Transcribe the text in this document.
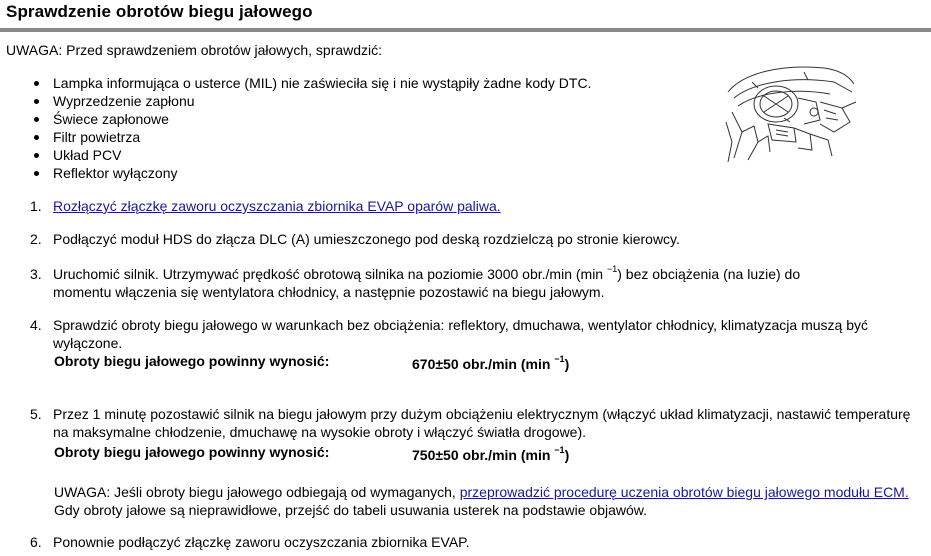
Sprawdzenie obrotów biegu jałowego
UWAGA: Przed sprawdzeniem obrotów jałowych, sprawdzić:
Lampka informująca o usterce (MIL) nie zaświeciła się i nie wystąpiły żadne kody DTC.
Wyprzedzenie zapłonu
Świece zapłonowe
Filtr powietrza
Układ PCV
Reflektor wyłączony
1. Rozłączyć złączkę zaworu oczyszczania zbiornika EVAP oparów paliwa.
2. Podłączyć moduł HDS do złącza DLC (A) umieszczonego pod deską rozdzielczą po stronie kierowcy.
3. Uruchomić silnik. Utrzymywać prędkość obrotową silnika na poziomie 3000 obr./min (min $^{-1}$) bez obciążenia (na luzie) do
momentu włączenia się wentylatora chłodnicy, a następnie pozostawić na biegu jałowym.
4. Sprawdzić obroty biegu jałowego w warunkach bez obciążenia: reflektory, dmuchawa, wentylator chłodnicy, klimatyzacja muszą być wyłączone.
Obroty biegu jałowego powinny wynosić:	670±50 obr./min (min $^{-1}$)
5. Przez 1 minutę pozostawić silnik na biegu jałowym przy dużym obciążeniu elektrycznym (włączyć układ klimatyzacji, nastawić temperaturę na maksymalne chłodzenie, dmuchawę na wysokie obroty i włączyć światła drogowe).
Obroty biegu jałowego powinny wynosić:	750±50 obr./min (min $^{-1}$)
UWAGA: Jeśli obroty biegu jałowego odbiegają od wymaganych, przeprowadzić procedurę uczenia obrotów biegu jałowego modułu ECM. Gdy obroty jałowe są nieprawidłowe, przejść do tabeli usuwania usterek na podstawie objawów.
6. Ponownie podłączyć złączkę zaworu oczyszczania zbiornika EVAP.
